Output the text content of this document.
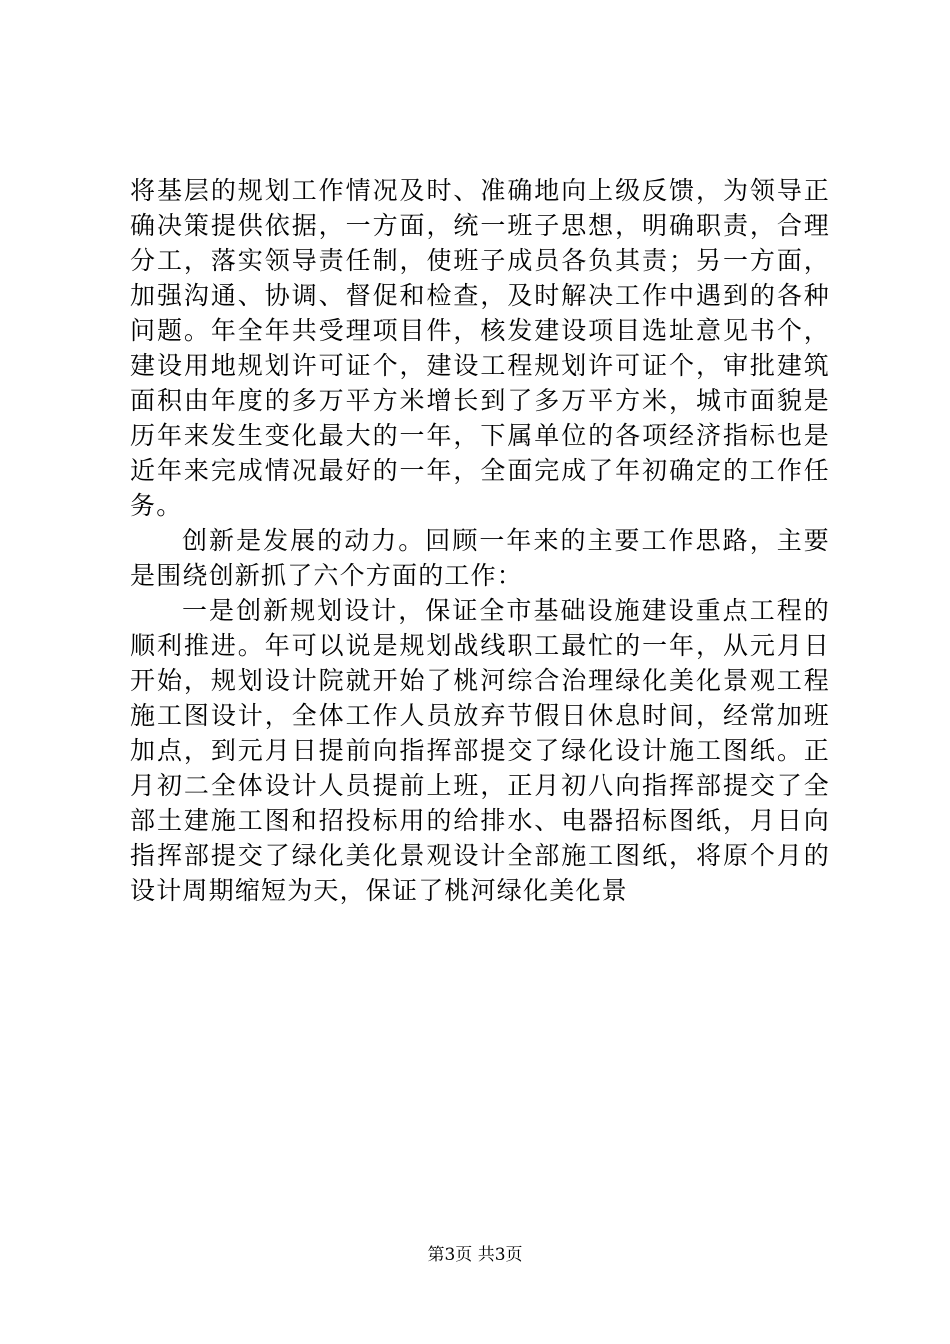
将基层的规划工作情况及时、准确地向上级反馈，为领导正确决策提供依据，一方面，统一班子思想，明确职责，合理分工，落实领导责任制，使班子成员各负其责；另一方面，加强沟通、协调、督促和检查，及时解决工作中遇到的各种问题。年全年共受理项目件，核发建设项目选址意见书个，建设用地规划许可证个，建设工程规划许可证个，审批建筑面积由年度的多万平方米增长到了多万平方米，城市面貌是历年来发生变化最大的一年，下属单位的各项经济指标也是近年来完成情况最好的一年，全面完成了年初确定的工作任务。

创新是发展的动力。回顾一年来的主要工作思路，主要是围绕创新抓了六个方面的工作：

一是创新规划设计，保证全市基础设施建设重点工程的顺利推进。年可以说是规划战线职工最忙的一年，从元月日开始，规划设计院就开始了桃河综合治理绿化美化景观工程施工图设计，全体工作人员放弃节假日休息时间，经常加班加点，到元月日提前向指挥部提交了绿化设计施工图纸。正月初二全体设计人员提前上班，正月初八向指挥部提交了全部土建施工图和招投标用的给排水、电器招标图纸，月日向指挥部提交了绿化美化景观设计全部施工图纸，将原个月的设计周期缩短为天，保证了桃河绿化美化景

第3页 共3页
